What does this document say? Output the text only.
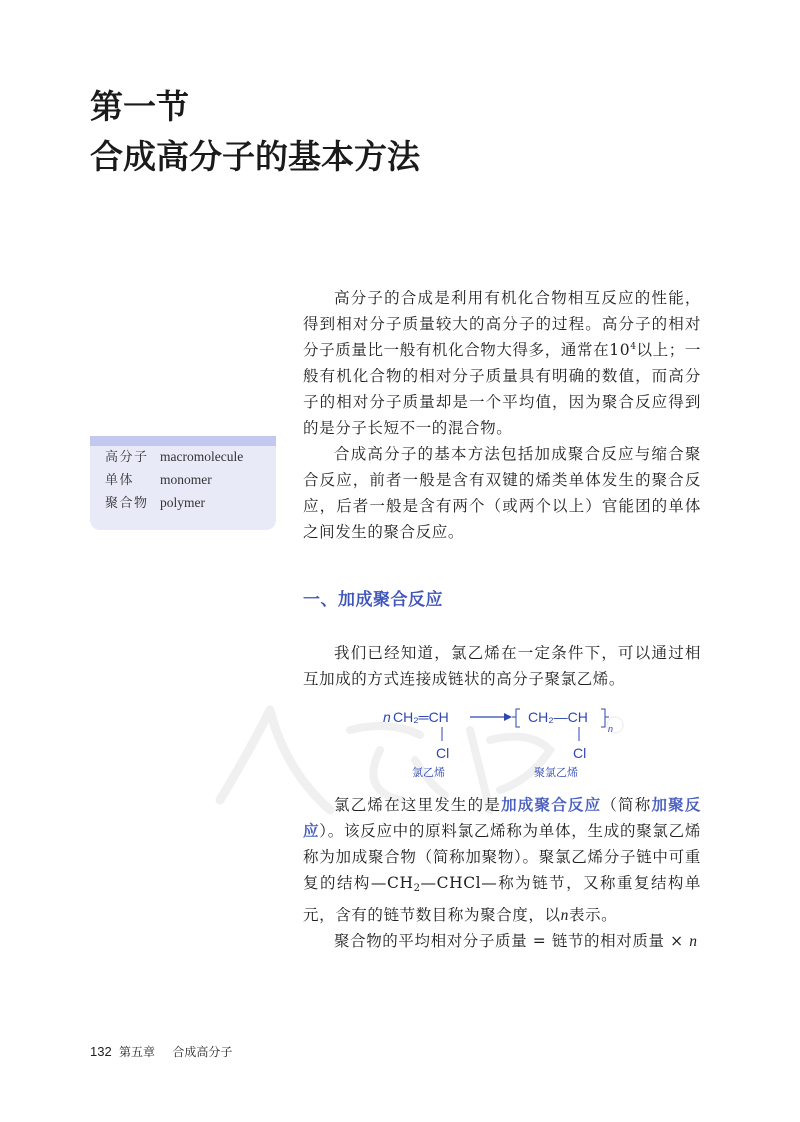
第一节
合成高分子的基本方法

高分子的合成是利用有机化合物相互反应的性能，得到相对分子质量较大的高分子的过程。高分子的相对分子质量比一般有机化合物大得多，通常在$10^4$以上；一般有机化合物的相对分子质量具有明确的数值，而高分子的相对分子质量却是一个平均值，因为聚合反应得到的是分子长短不一的混合物。

合成高分子的基本方法包括加成聚合反应与缩合聚合反应，前者一般是含有双键的烯类单体发生的聚合反应，后者一般是含有两个（或两个以上）官能团的单体之间发生的聚合反应。

高分子 macromolecule
单体 monomer
聚合物 polymer
一、加成聚合反应

我们已经知道，氯乙烯在一定条件下，可以通过相互加成的方式连接成链状的高分子聚氯乙烯。

n CH₂═CH
Cl
氯乙烯
CH₂—CH
Cl
n
聚氯乙烯

氯乙烯在这里发生的是加成聚合反应（简称加聚反应）。该反应中的原料氯乙烯称为单体，生成的聚氯乙烯称为加成聚合物（简称加聚物）。聚氯乙烯分子链中可重复的结构$—CH_2—CHCl—$称为链节，又称重复结构单元，含有的链节数目称为聚合度，以n表示。

聚合物的平均相对分子质量 = 链节的相对质量 × n

132 第五章 合成高分子
